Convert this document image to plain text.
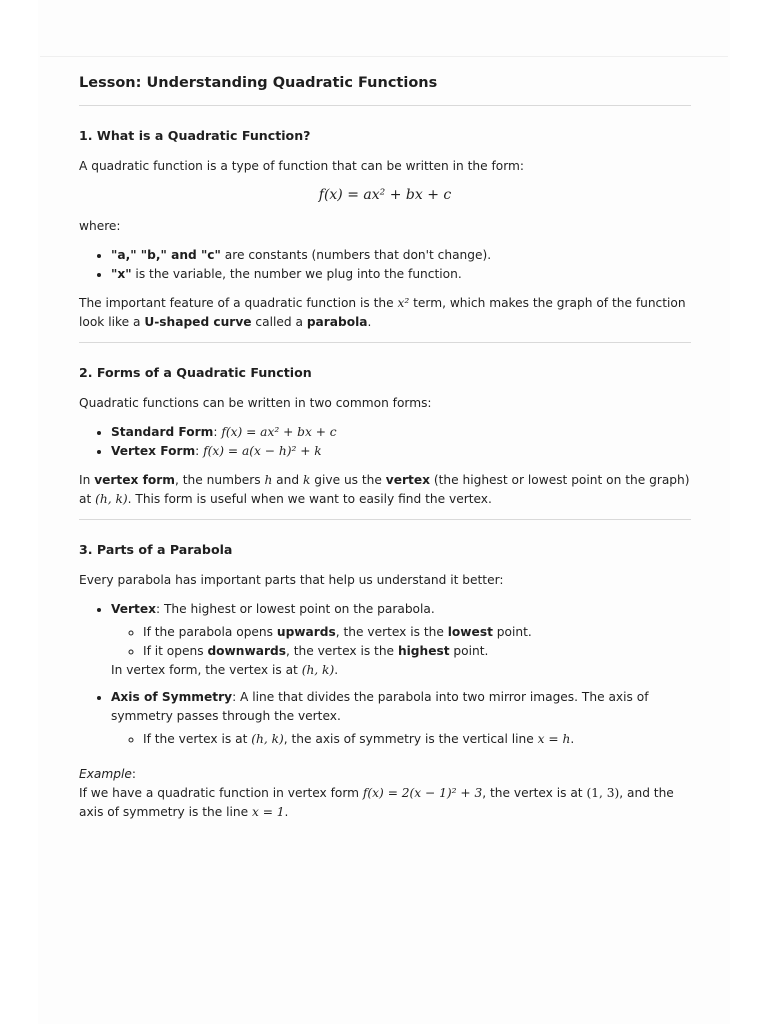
Lesson: Understanding Quadratic Functions
1. What is a Quadratic Function?

A quadratic function is a type of function that can be written in the form:

f(x) = ax² + bx + c

where:

• "a," "b," and "c" are constants (numbers that don't change).
• "x" is the variable, the number we plug into the function.

The important feature of a quadratic function is the x² term, which makes the graph of the function look like a U-shaped curve called a parabola.

2. Forms of a Quadratic Function

Quadratic functions can be written in two common forms:

• Standard Form: f(x) = ax² + bx + c
• Vertex Form: f(x) = a(x − h)² + k

In vertex form, the numbers h and k give us the vertex (the highest or lowest point on the graph) at (h, k). This form is useful when we want to easily find the vertex.

3. Parts of a Parabola

Every parabola has important parts that help us understand it better:

• Vertex: The highest or lowest point on the parabola.
◦ If the parabola opens upwards, the vertex is the lowest point.
◦ If it opens downwards, the vertex is the highest point.
In vertex form, the vertex is at (h, k).
• Axis of Symmetry: A line that divides the parabola into two mirror images. The axis of symmetry passes through the vertex.
◦ If the vertex is at (h, k), the axis of symmetry is the vertical line x = h.
Example:

If we have a quadratic function in vertex form f(x) = 2(x − 1)² + 3, the vertex is at (1, 3), and the axis of symmetry is the line x = 1.
